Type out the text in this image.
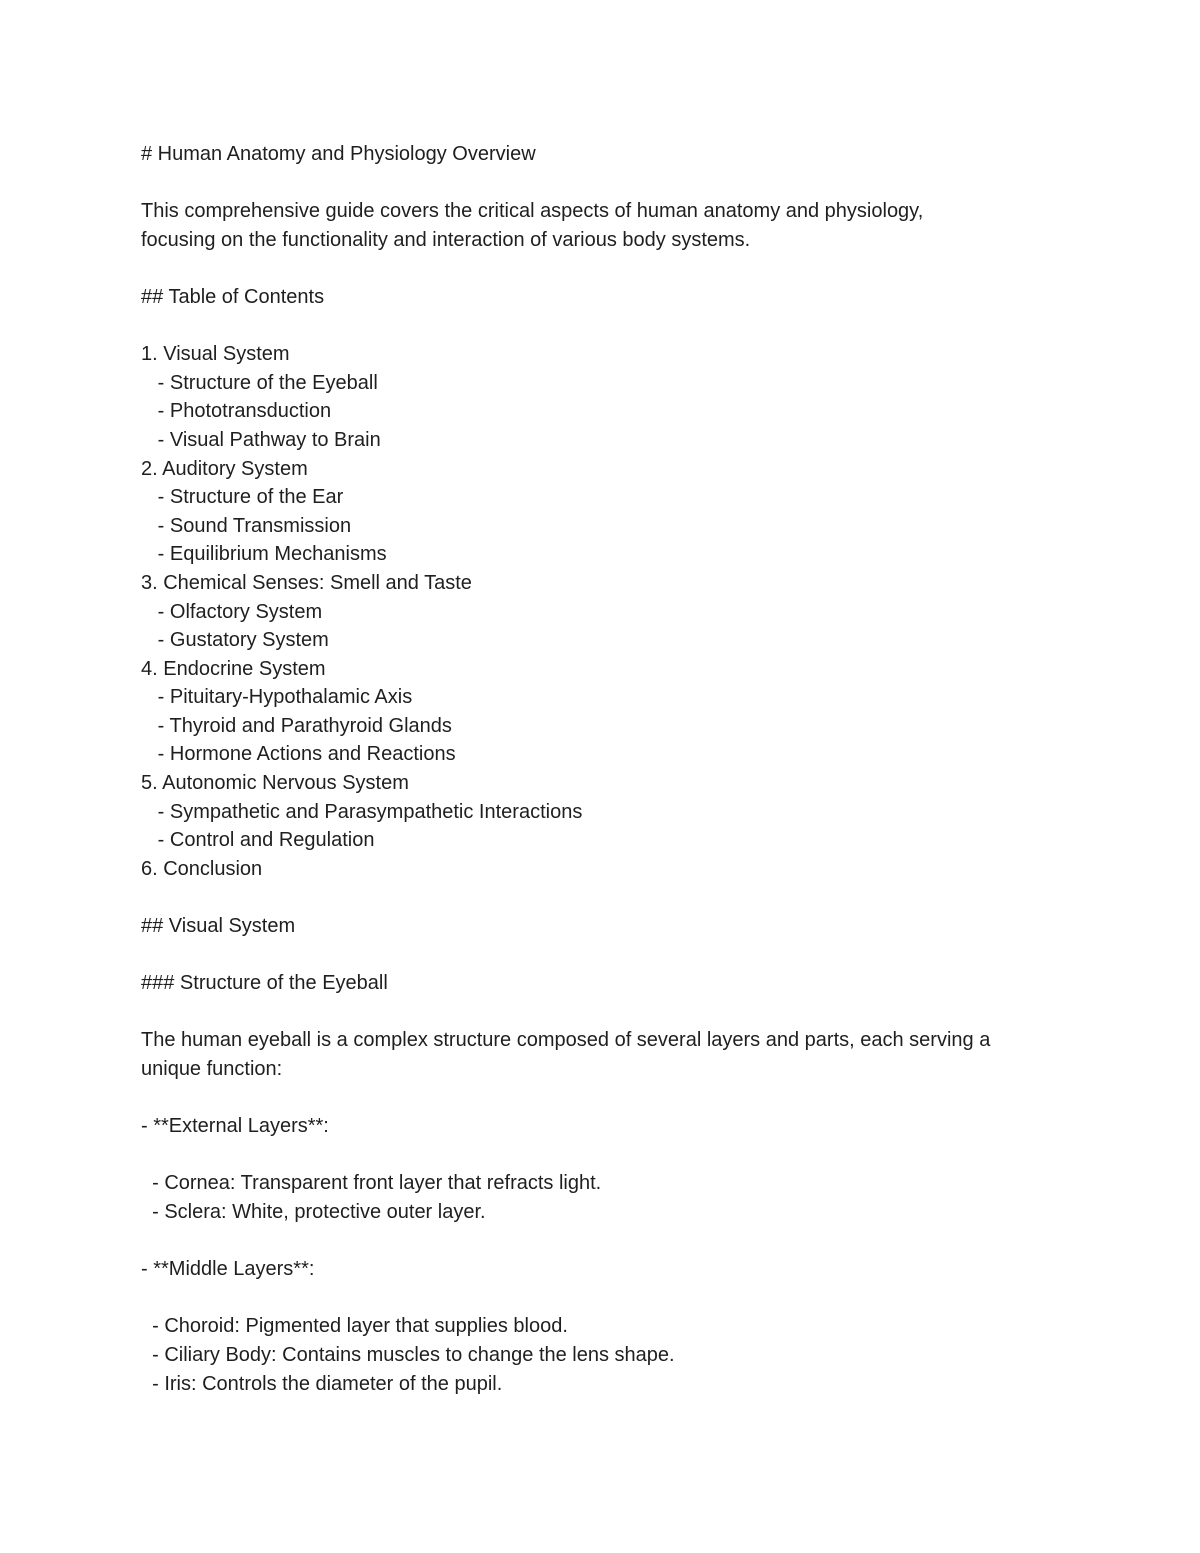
# Human Anatomy and Physiology Overview

This comprehensive guide covers the critical aspects of human anatomy and physiology,

focusing on the functionality and interaction of various body systems.

## Table of Contents

1. Visual System

- Structure of the Eyeball

- Phototransduction

- Visual Pathway to Brain

2. Auditory System

- Structure of the Ear

- Sound Transmission

- Equilibrium Mechanisms

3. Chemical Senses: Smell and Taste

- Olfactory System

- Gustatory System

4. Endocrine System

- Pituitary-Hypothalamic Axis

- Thyroid and Parathyroid Glands

- Hormone Actions and Reactions

5. Autonomic Nervous System

- Sympathetic and Parasympathetic Interactions

- Control and Regulation

6. Conclusion

## Visual System

### Structure of the Eyeball

The human eyeball is a complex structure composed of several layers and parts, each serving a

unique function:

- **External Layers**:

- Cornea: Transparent front layer that refracts light.

- Sclera: White, protective outer layer.

- **Middle Layers**:

- Choroid: Pigmented layer that supplies blood.

- Ciliary Body: Contains muscles to change the lens shape.

- Iris: Controls the diameter of the pupil.
